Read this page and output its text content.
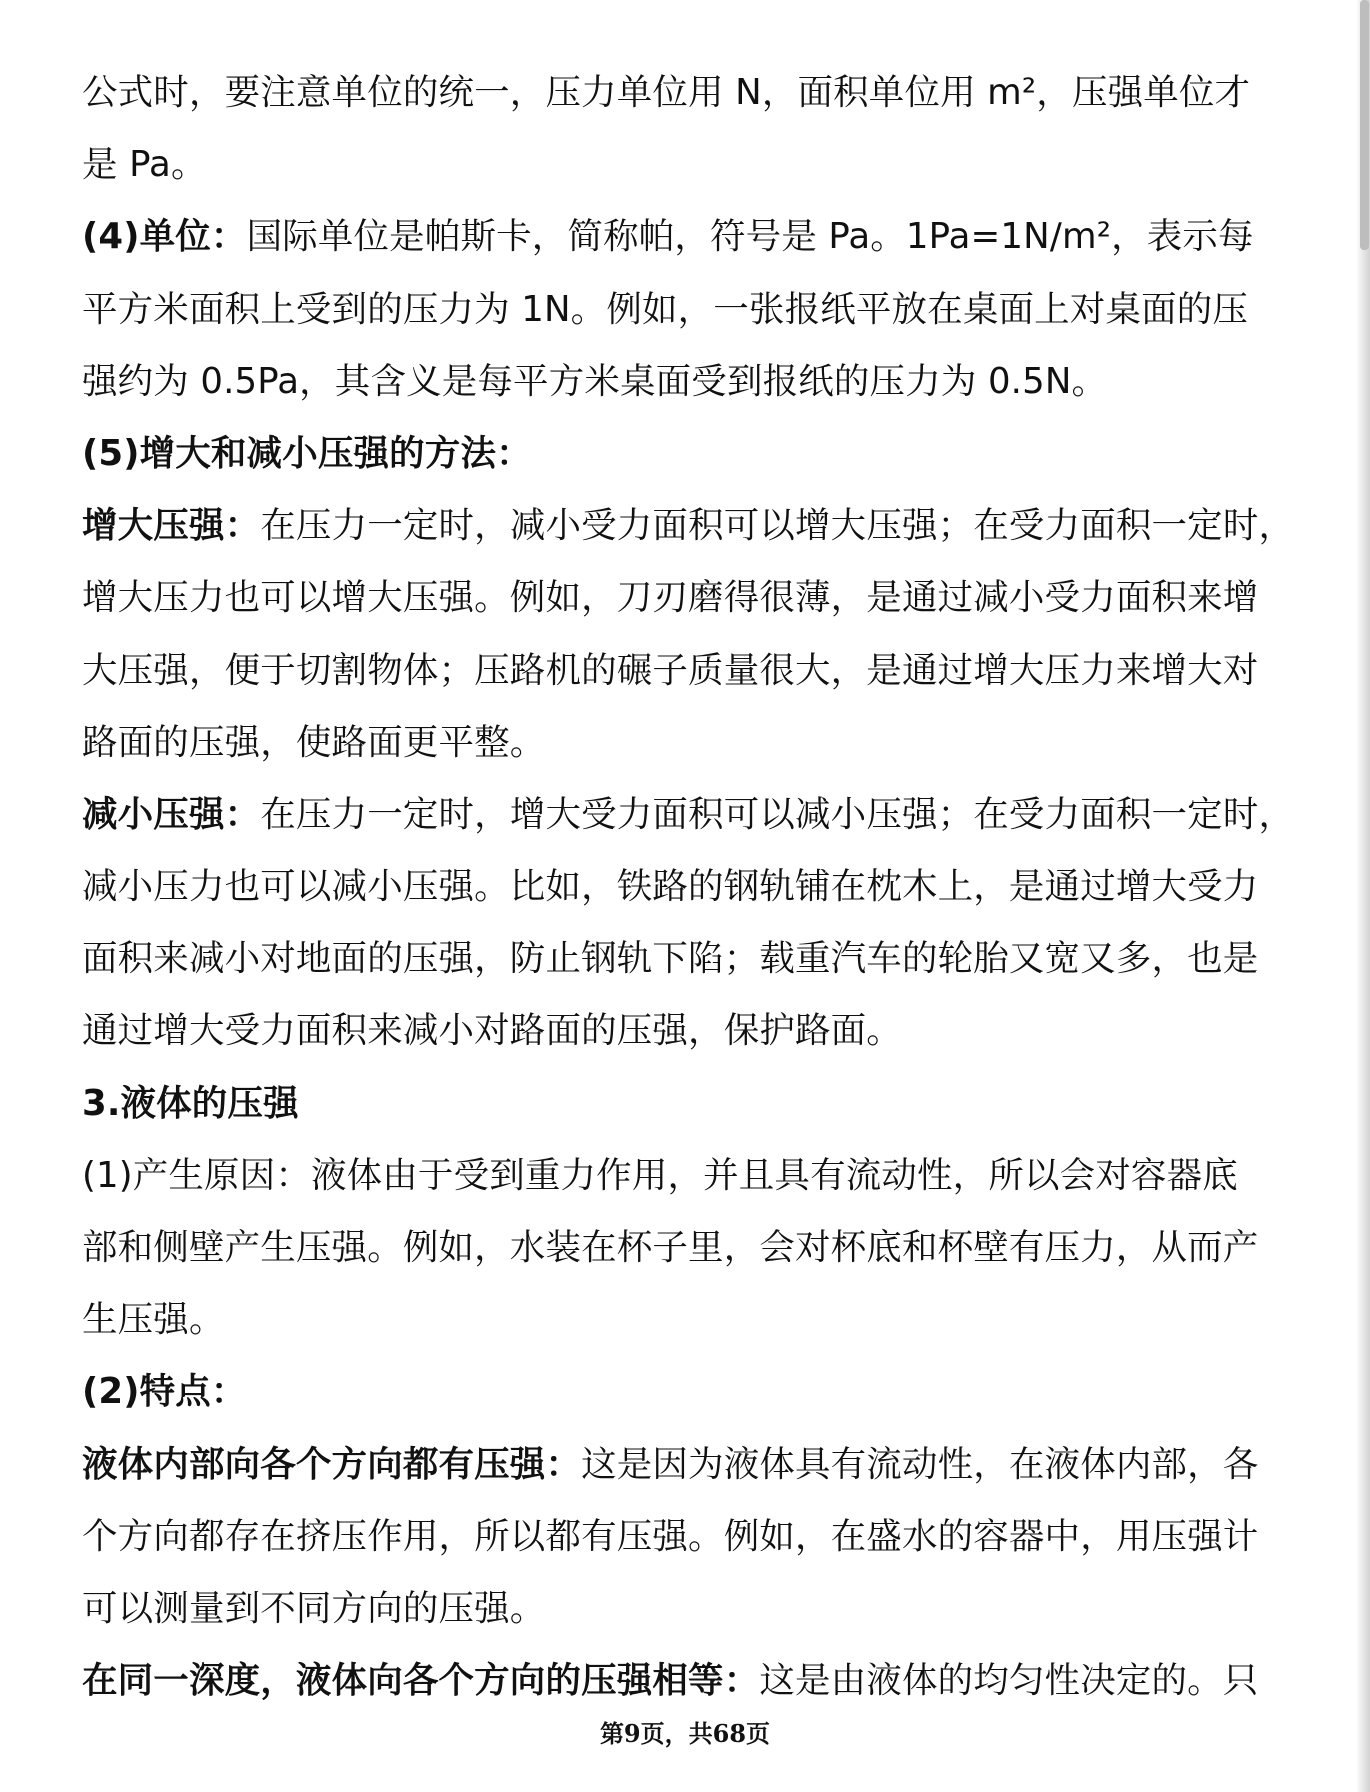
公式时，要注意单位的统一，压力单位用 N，面积单位用 m²，压强单位才
是 Pa。
(4)单位：国际单位是帕斯卡，简称帕，符号是 Pa。1Pa=1N/m²，表示每
平方米面积上受到的压力为 1N。例如，一张报纸平放在桌面上对桌面的压
强约为 0.5Pa，其含义是每平方米桌面受到报纸的压力为 0.5N。
(5)增大和减小压强的方法：
增大压强：在压力一定时，减小受力面积可以增大压强；在受力面积一定时，
增大压力也可以增大压强。例如，刀刃磨得很薄，是通过减小受力面积来增
大压强，便于切割物体；压路机的碾子质量很大，是通过增大压力来增大对
路面的压强，使路面更平整。
减小压强：在压力一定时，增大受力面积可以减小压强；在受力面积一定时，
减小压力也可以减小压强。比如，铁路的钢轨铺在枕木上，是通过增大受力
面积来减小对地面的压强，防止钢轨下陷；载重汽车的轮胎又宽又多，也是
通过增大受力面积来减小对路面的压强，保护路面。
3.液体的压强
(1)产生原因：液体由于受到重力作用，并且具有流动性，所以会对容器底
部和侧壁产生压强。例如，水装在杯子里，会对杯底和杯壁有压力，从而产
生压强。
(2)特点：
液体内部向各个方向都有压强：这是因为液体具有流动性，在液体内部，各
个方向都存在挤压作用，所以都有压强。例如，在盛水的容器中，用压强计
可以测量到不同方向的压强。
在同一深度，液体向各个方向的压强相等：这是由液体的均匀性决定的。只
第9页，共68页
